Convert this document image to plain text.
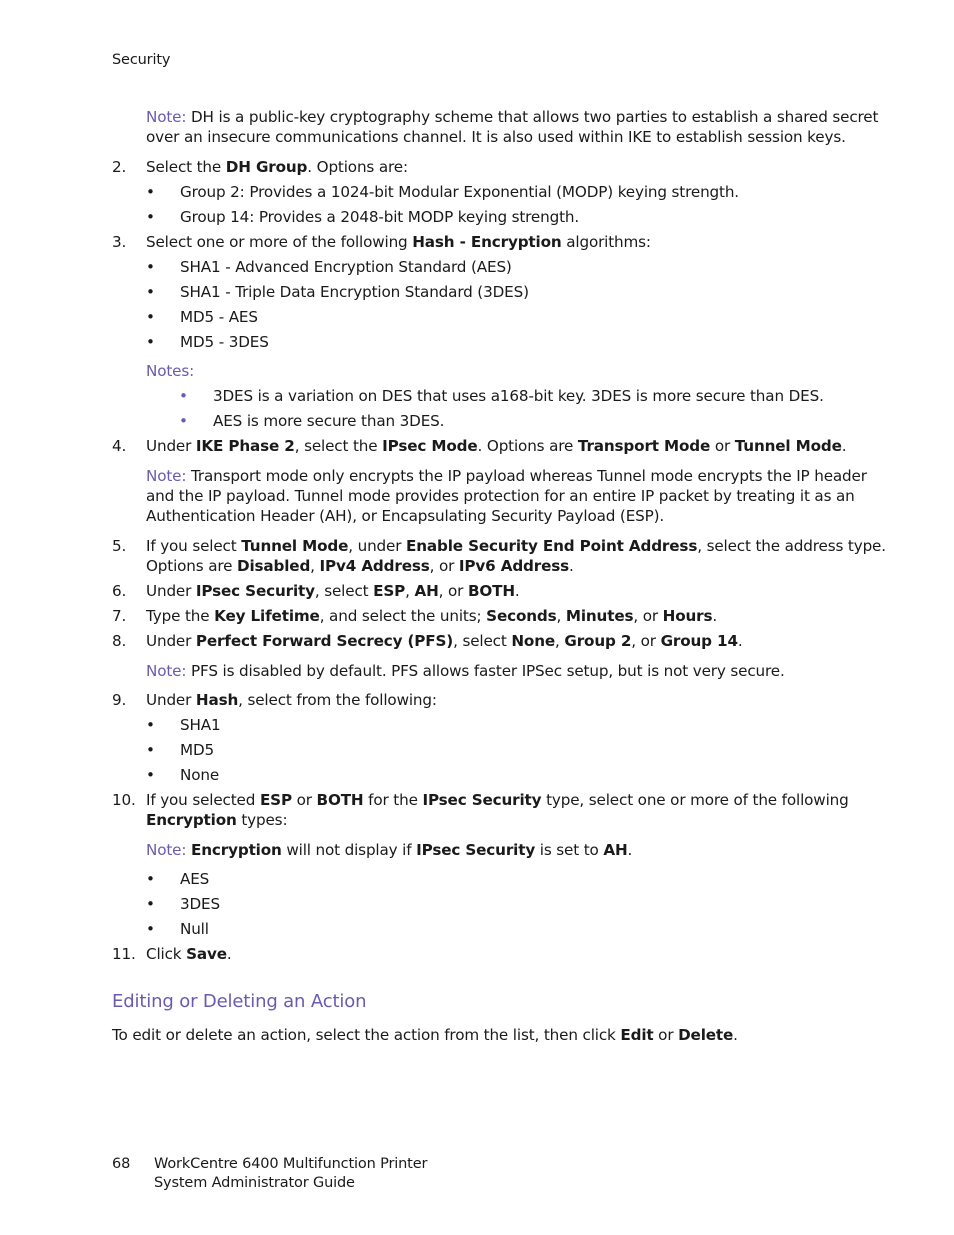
Security
Note: DH is a public-key cryptography scheme that allows two parties to establish a shared secret
over an insecure communications channel. It is also used within IKE to establish session keys.
2. Select the DH Group. Options are:
• Group 2: Provides a 1024-bit Modular Exponential (MODP) keying strength.
• Group 14: Provides a 2048-bit MODP keying strength.
3. Select one or more of the following Hash - Encryption algorithms:
• SHA1 - Advanced Encryption Standard (AES)
• SHA1 - Triple Data Encryption Standard (3DES)
• MD5 - AES
• MD5 - 3DES
Notes:
• 3DES is a variation on DES that uses a168-bit key. 3DES is more secure than DES.
• AES is more secure than 3DES.
4. Under IKE Phase 2, select the IPsec Mode. Options are Transport Mode or Tunnel Mode.
Note: Transport mode only encrypts the IP payload whereas Tunnel mode encrypts the IP header
and the IP payload. Tunnel mode provides protection for an entire IP packet by treating it as an
Authentication Header (AH), or Encapsulating Security Payload (ESP).
5. If you select Tunnel Mode, under Enable Security End Point Address, select the address type.
Options are Disabled, IPv4 Address, or IPv6 Address.
6. Under IPsec Security, select ESP, AH, or BOTH.
7. Type the Key Lifetime, and select the units; Seconds, Minutes, or Hours.
8. Under Perfect Forward Secrecy (PFS), select None, Group 2, or Group 14.
Note: PFS is disabled by default. PFS allows faster IPSec setup, but is not very secure.
9. Under Hash, select from the following:
• SHA1
• MD5
• None
10. If you selected ESP or BOTH for the IPsec Security type, select one or more of the following
Encryption types:
Note: Encryption will not display if IPsec Security is set to AH.
• AES
• 3DES
• Null
11. Click Save.
Editing or Deleting an Action
To edit or delete an action, select the action from the list, then click Edit or Delete.
68 WorkCentre 6400 Multifunction Printer
System Administrator Guide
